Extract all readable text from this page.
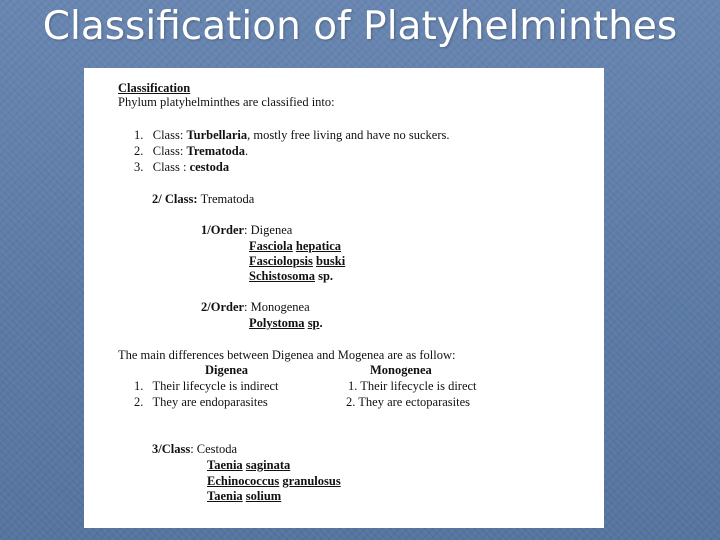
Classification of Platyhelminthes
Classification
Phylum platyhelminthes are classified into:
1. Class: Turbellaria, mostly free living and have no suckers.
2. Class: Trematoda.
3. Class : cestoda
2/ Class: Trematoda
1/Order: Digenea
Fasciola hepatica
Fasciolopsis buski
Schistosoma sp.
2/Order: Monogenea
Polystoma sp.
The main differences between Digenea and Mogenea are as follow:
Digenea	Monogenea
1. Their lifecycle is indirect	1. Their lifecycle is direct
2. They are endoparasites	2. They are ectoparasites
3/Class: Cestoda
Taenia saginata
Echinococcus granulosus
Taenia solium
